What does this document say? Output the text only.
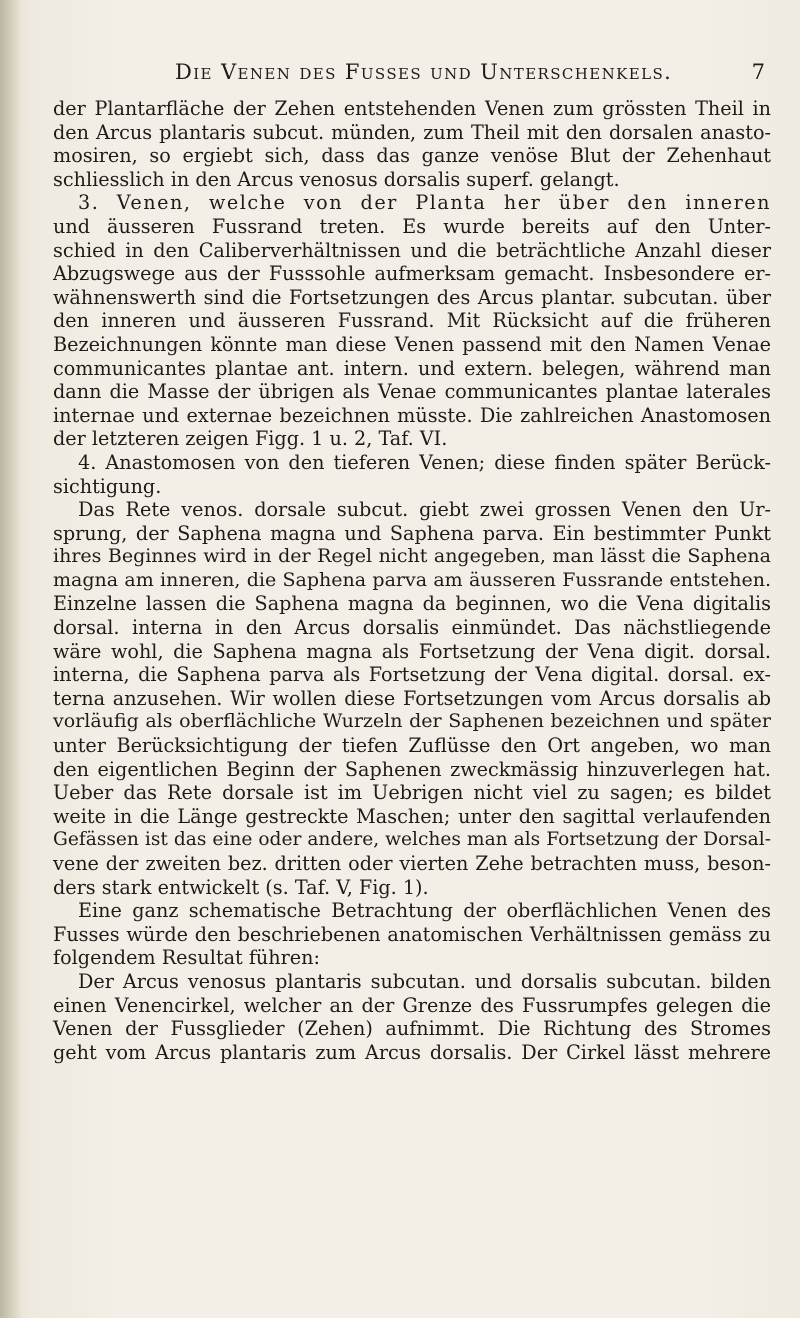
Die Venen des Fusses und Unterschenkels.	7
der Plantarfläche der Zehen entstehenden Venen zum grössten Theil in
den Arcus plantaris subcut. münden, zum Theil mit den dorsalen anasto-
mosiren, so ergiebt sich, dass das ganze venöse Blut der Zehenhaut
schliesslich in den Arcus venosus dorsalis superf. gelangt.
3. Venen, welche von der Planta her über den inneren
und äusseren Fussrand treten. Es wurde bereits auf den Unter-
schied in den Caliberverhältnissen und die beträchtliche Anzahl dieser
Abzugswege aus der Fusssohle aufmerksam gemacht. Insbesondere er-
wähnenswerth sind die Fortsetzungen des Arcus plantar. subcutan. über
den inneren und äusseren Fussrand. Mit Rücksicht auf die früheren
Bezeichnungen könnte man diese Venen passend mit den Namen Venae
communicantes plantae ant. intern. und extern. belegen, während man
dann die Masse der übrigen als Venae communicantes plantae laterales
internae und externae bezeichnen müsste. Die zahlreichen Anastomosen
der letzteren zeigen Figg. 1 u. 2, Taf. VI.
4. Anastomosen von den tieferen Venen; diese finden später Berück-
sichtigung.
Das Rete venos. dorsale subcut. giebt zwei grossen Venen den Ur-
sprung, der Saphena magna und Saphena parva. Ein bestimmter Punkt
ihres Beginnes wird in der Regel nicht angegeben, man lässt die Saphena
magna am inneren, die Saphena parva am äusseren Fussrande entstehen.
Einzelne lassen die Saphena magna da beginnen, wo die Vena digitalis
dorsal. interna in den Arcus dorsalis einmündet. Das nächstliegende
wäre wohl, die Saphena magna als Fortsetzung der Vena digit. dorsal.
interna, die Saphena parva als Fortsetzung der Vena digital. dorsal. ex-
terna anzusehen. Wir wollen diese Fortsetzungen vom Arcus dorsalis ab
vorläufig als oberflächliche Wurzeln der Saphenen bezeichnen und später
unter Berücksichtigung der tiefen Zuflüsse den Ort angeben, wo man
den eigentlichen Beginn der Saphenen zweckmässig hinzuverlegen hat.
Ueber das Rete dorsale ist im Uebrigen nicht viel zu sagen; es bildet
weite in die Länge gestreckte Maschen; unter den sagittal verlaufenden
Gefässen ist das eine oder andere, welches man als Fortsetzung der Dorsal-
vene der zweiten bez. dritten oder vierten Zehe betrachten muss, beson-
ders stark entwickelt (s. Taf. V, Fig. 1).
Eine ganz schematische Betrachtung der oberflächlichen Venen des
Fusses würde den beschriebenen anatomischen Verhältnissen gemäss zu
folgendem Resultat führen:
Der Arcus venosus plantaris subcutan. und dorsalis subcutan. bilden
einen Venencirkel, welcher an der Grenze des Fussrumpfes gelegen die
Venen der Fussglieder (Zehen) aufnimmt. Die Richtung des Stromes
geht vom Arcus plantaris zum Arcus dorsalis. Der Cirkel lässt mehrere
